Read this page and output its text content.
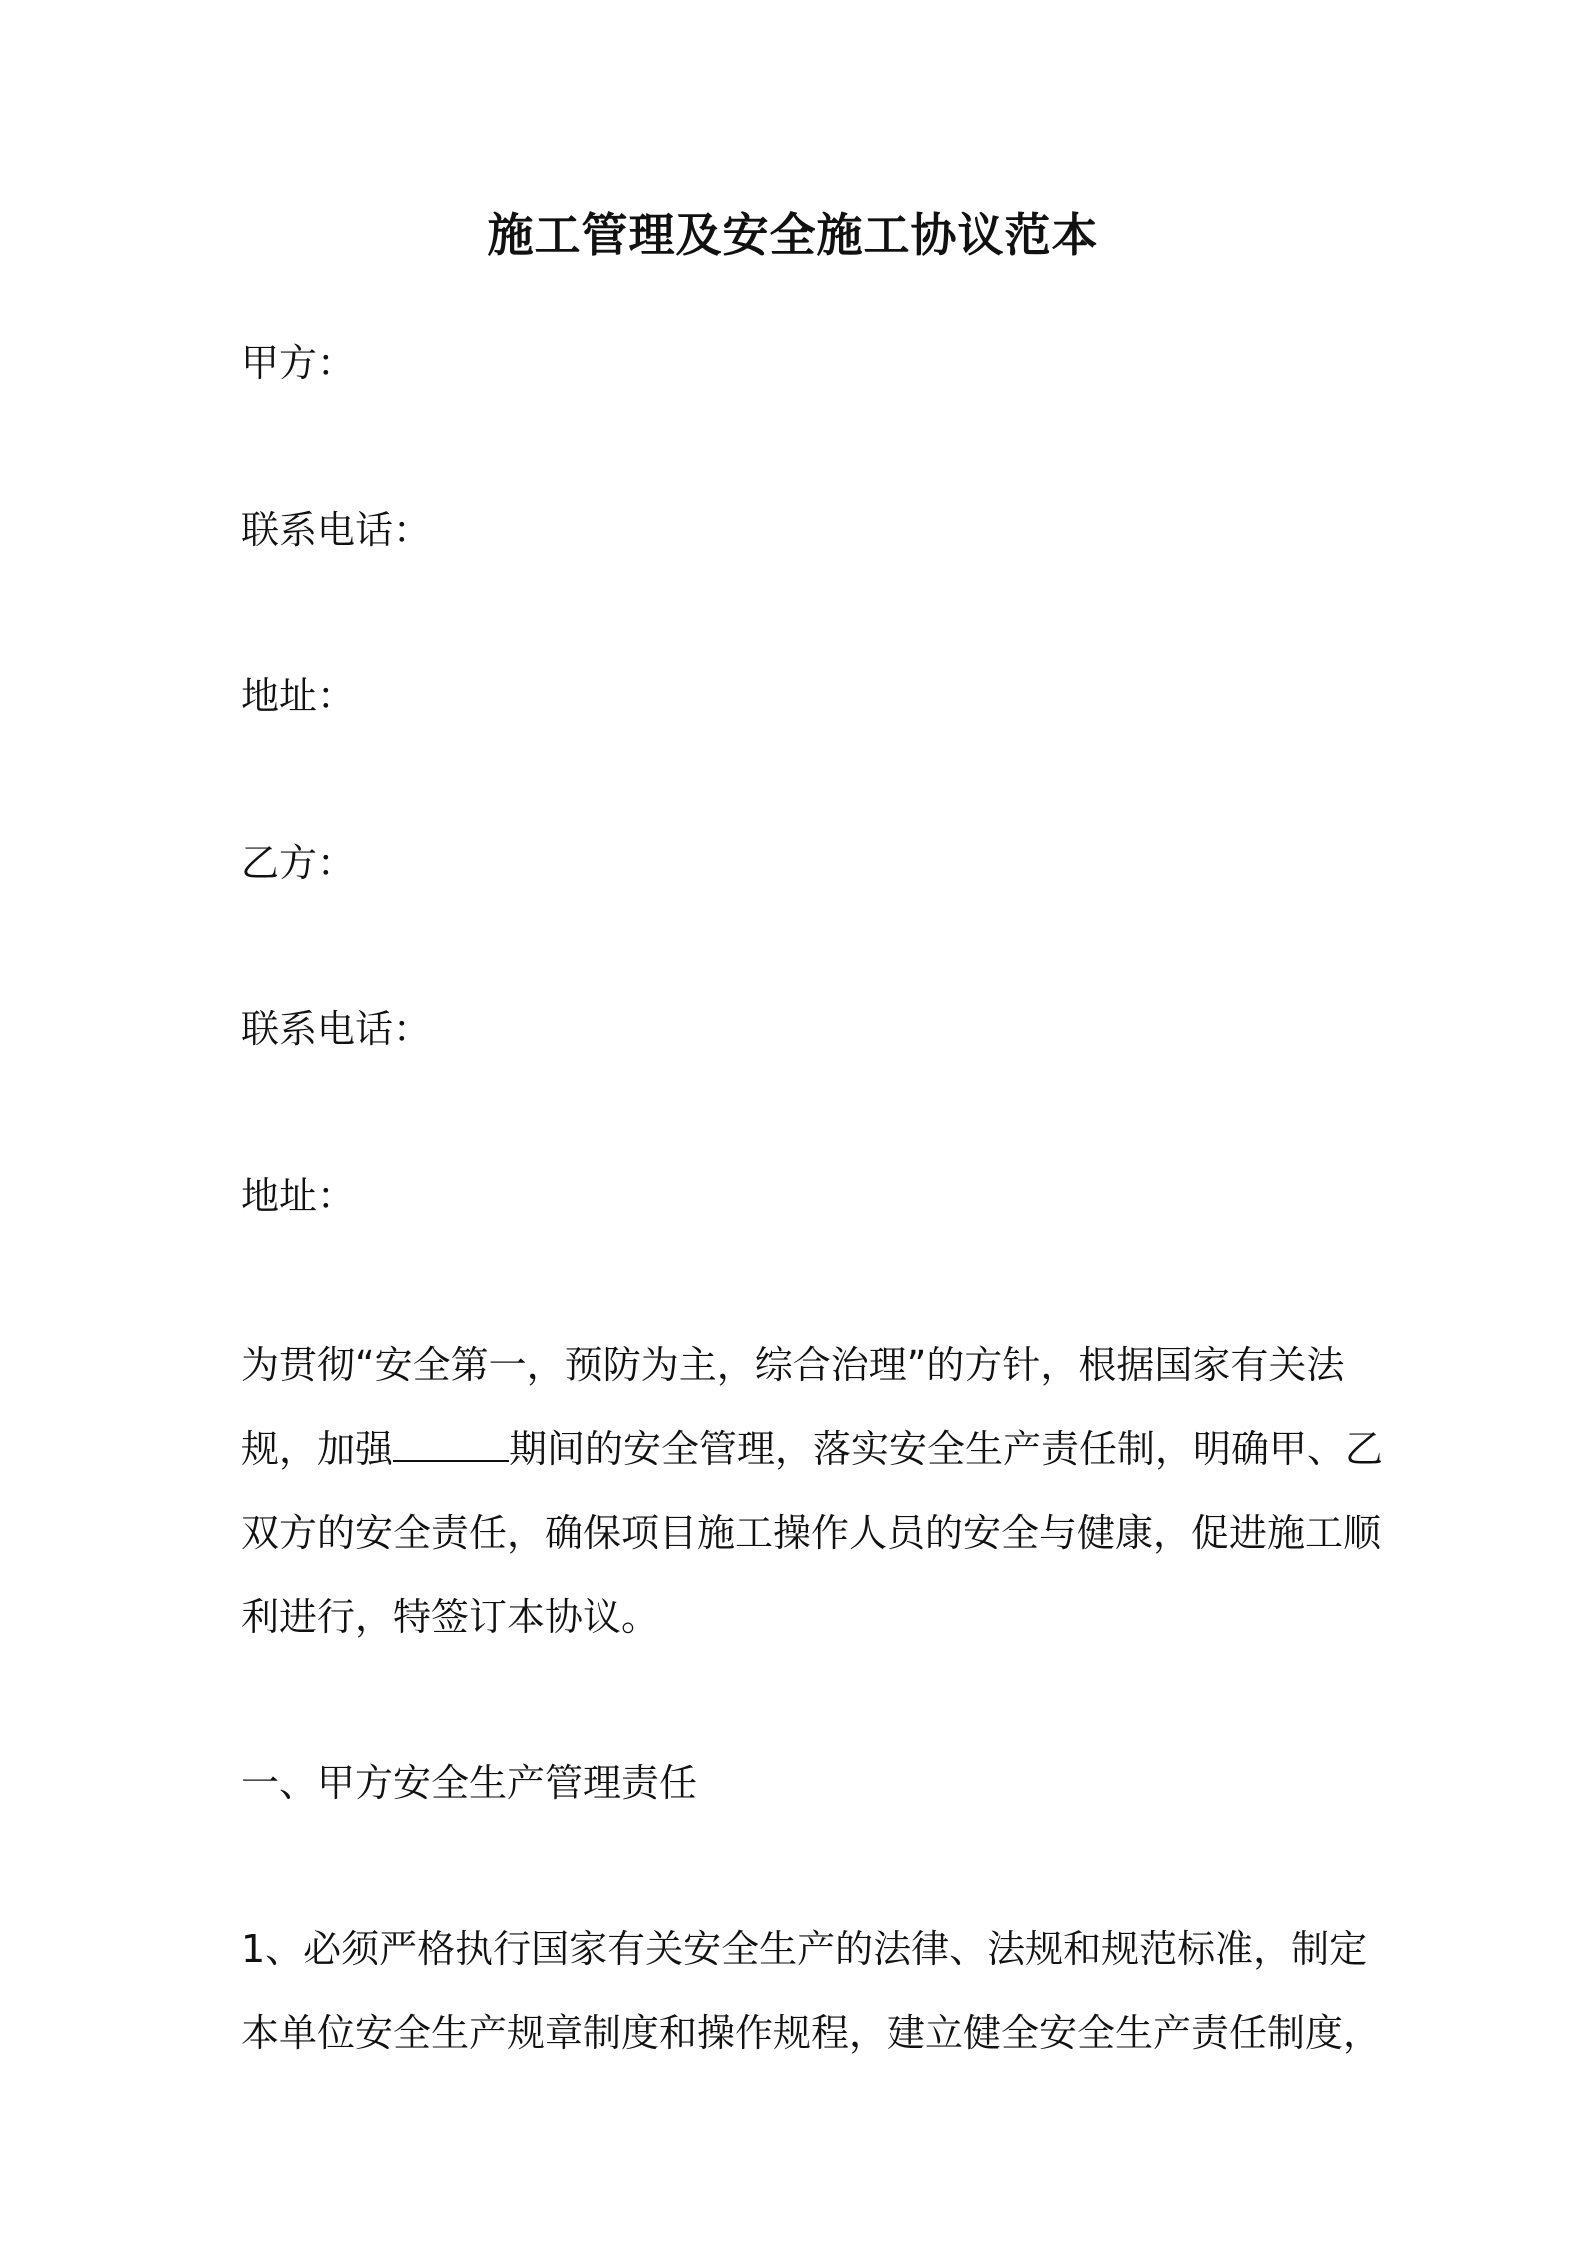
施工管理及安全施工协议范本
甲方：
联系电话：
地址：
乙方：
联系电话：
地址：
为贯彻“安全第一，预防为主，综合治理”的方针，根据国家有关法
规，加强	期间的安全管理，落实安全生产责任制，明确甲、乙
双方的安全责任，确保项目施工操作人员的安全与健康，促进施工顺
利进行，特签订本协议。
一、甲方安全生产管理责任
1、必须严格执行国家有关安全生产的法律、法规和规范标准，制定
本单位安全生产规章制度和操作规程，建立健全安全生产责任制度，
